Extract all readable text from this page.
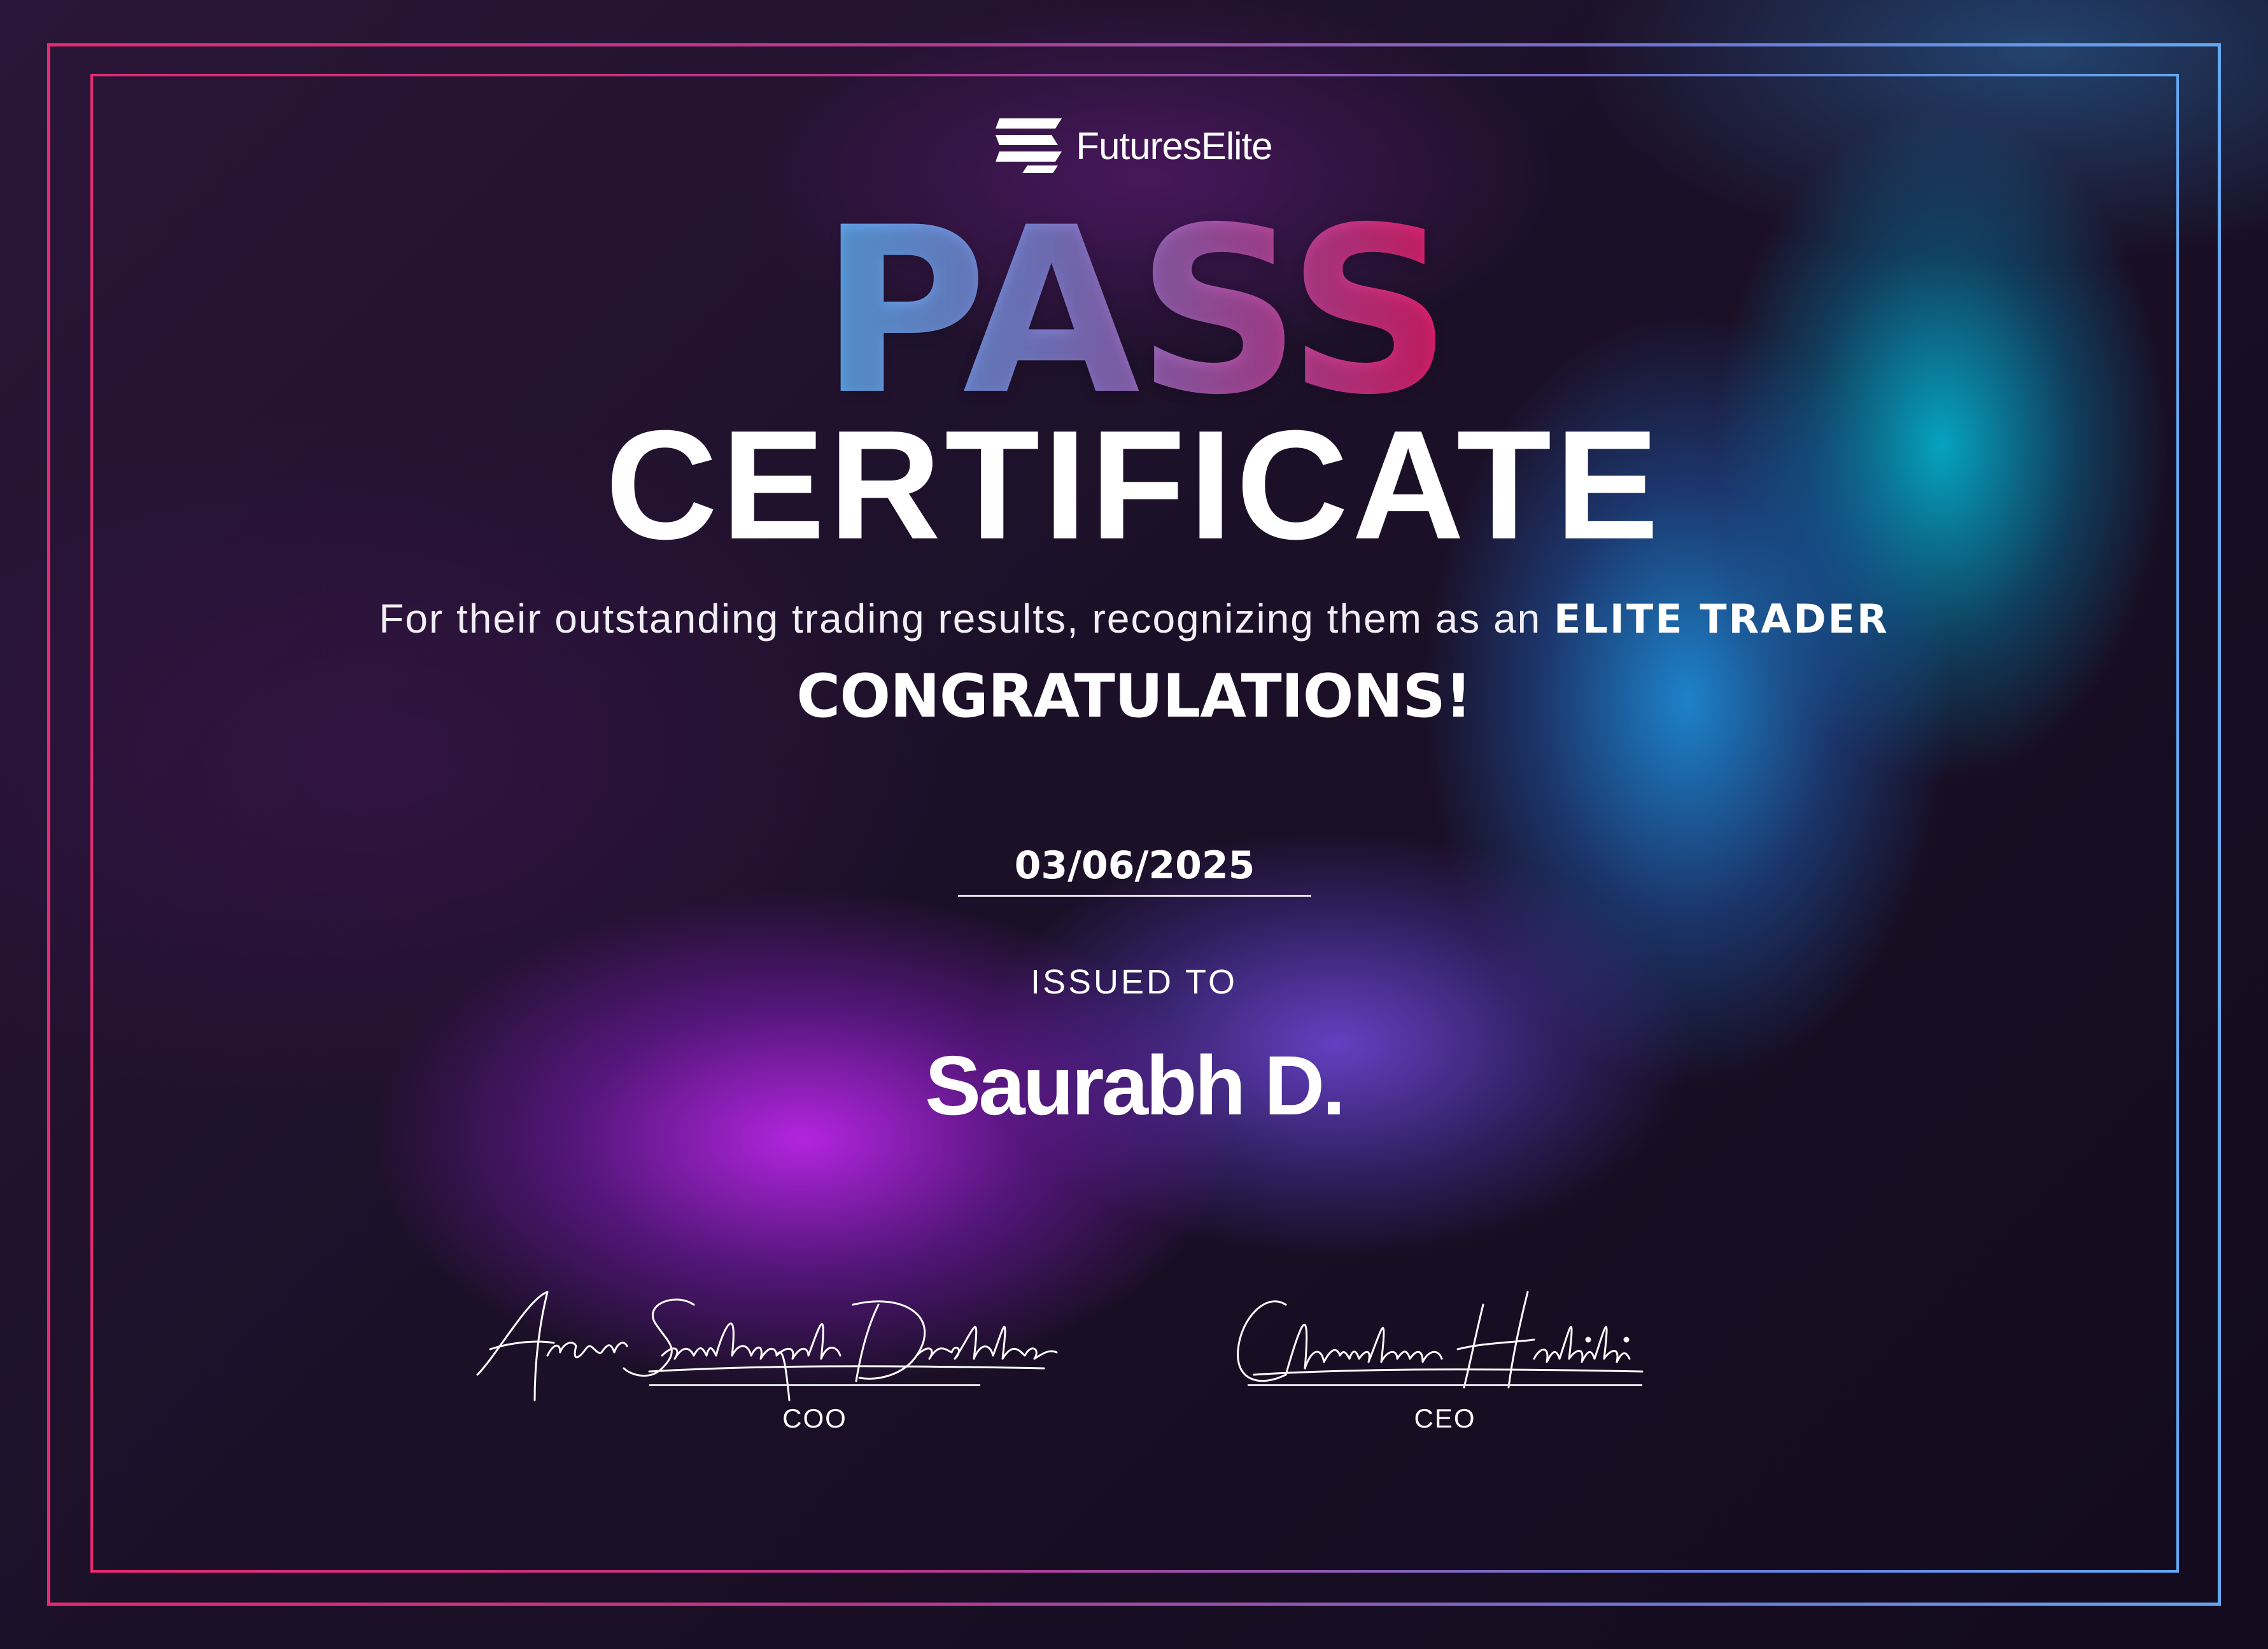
FuturesElite
PASS
CERTIFICATE
For their outstanding trading results, recognizing them as an ELITE TRADER
CONGRATULATIONS!
03/06/2025
ISSUED TO
Saurabh D.
COO	CEO
